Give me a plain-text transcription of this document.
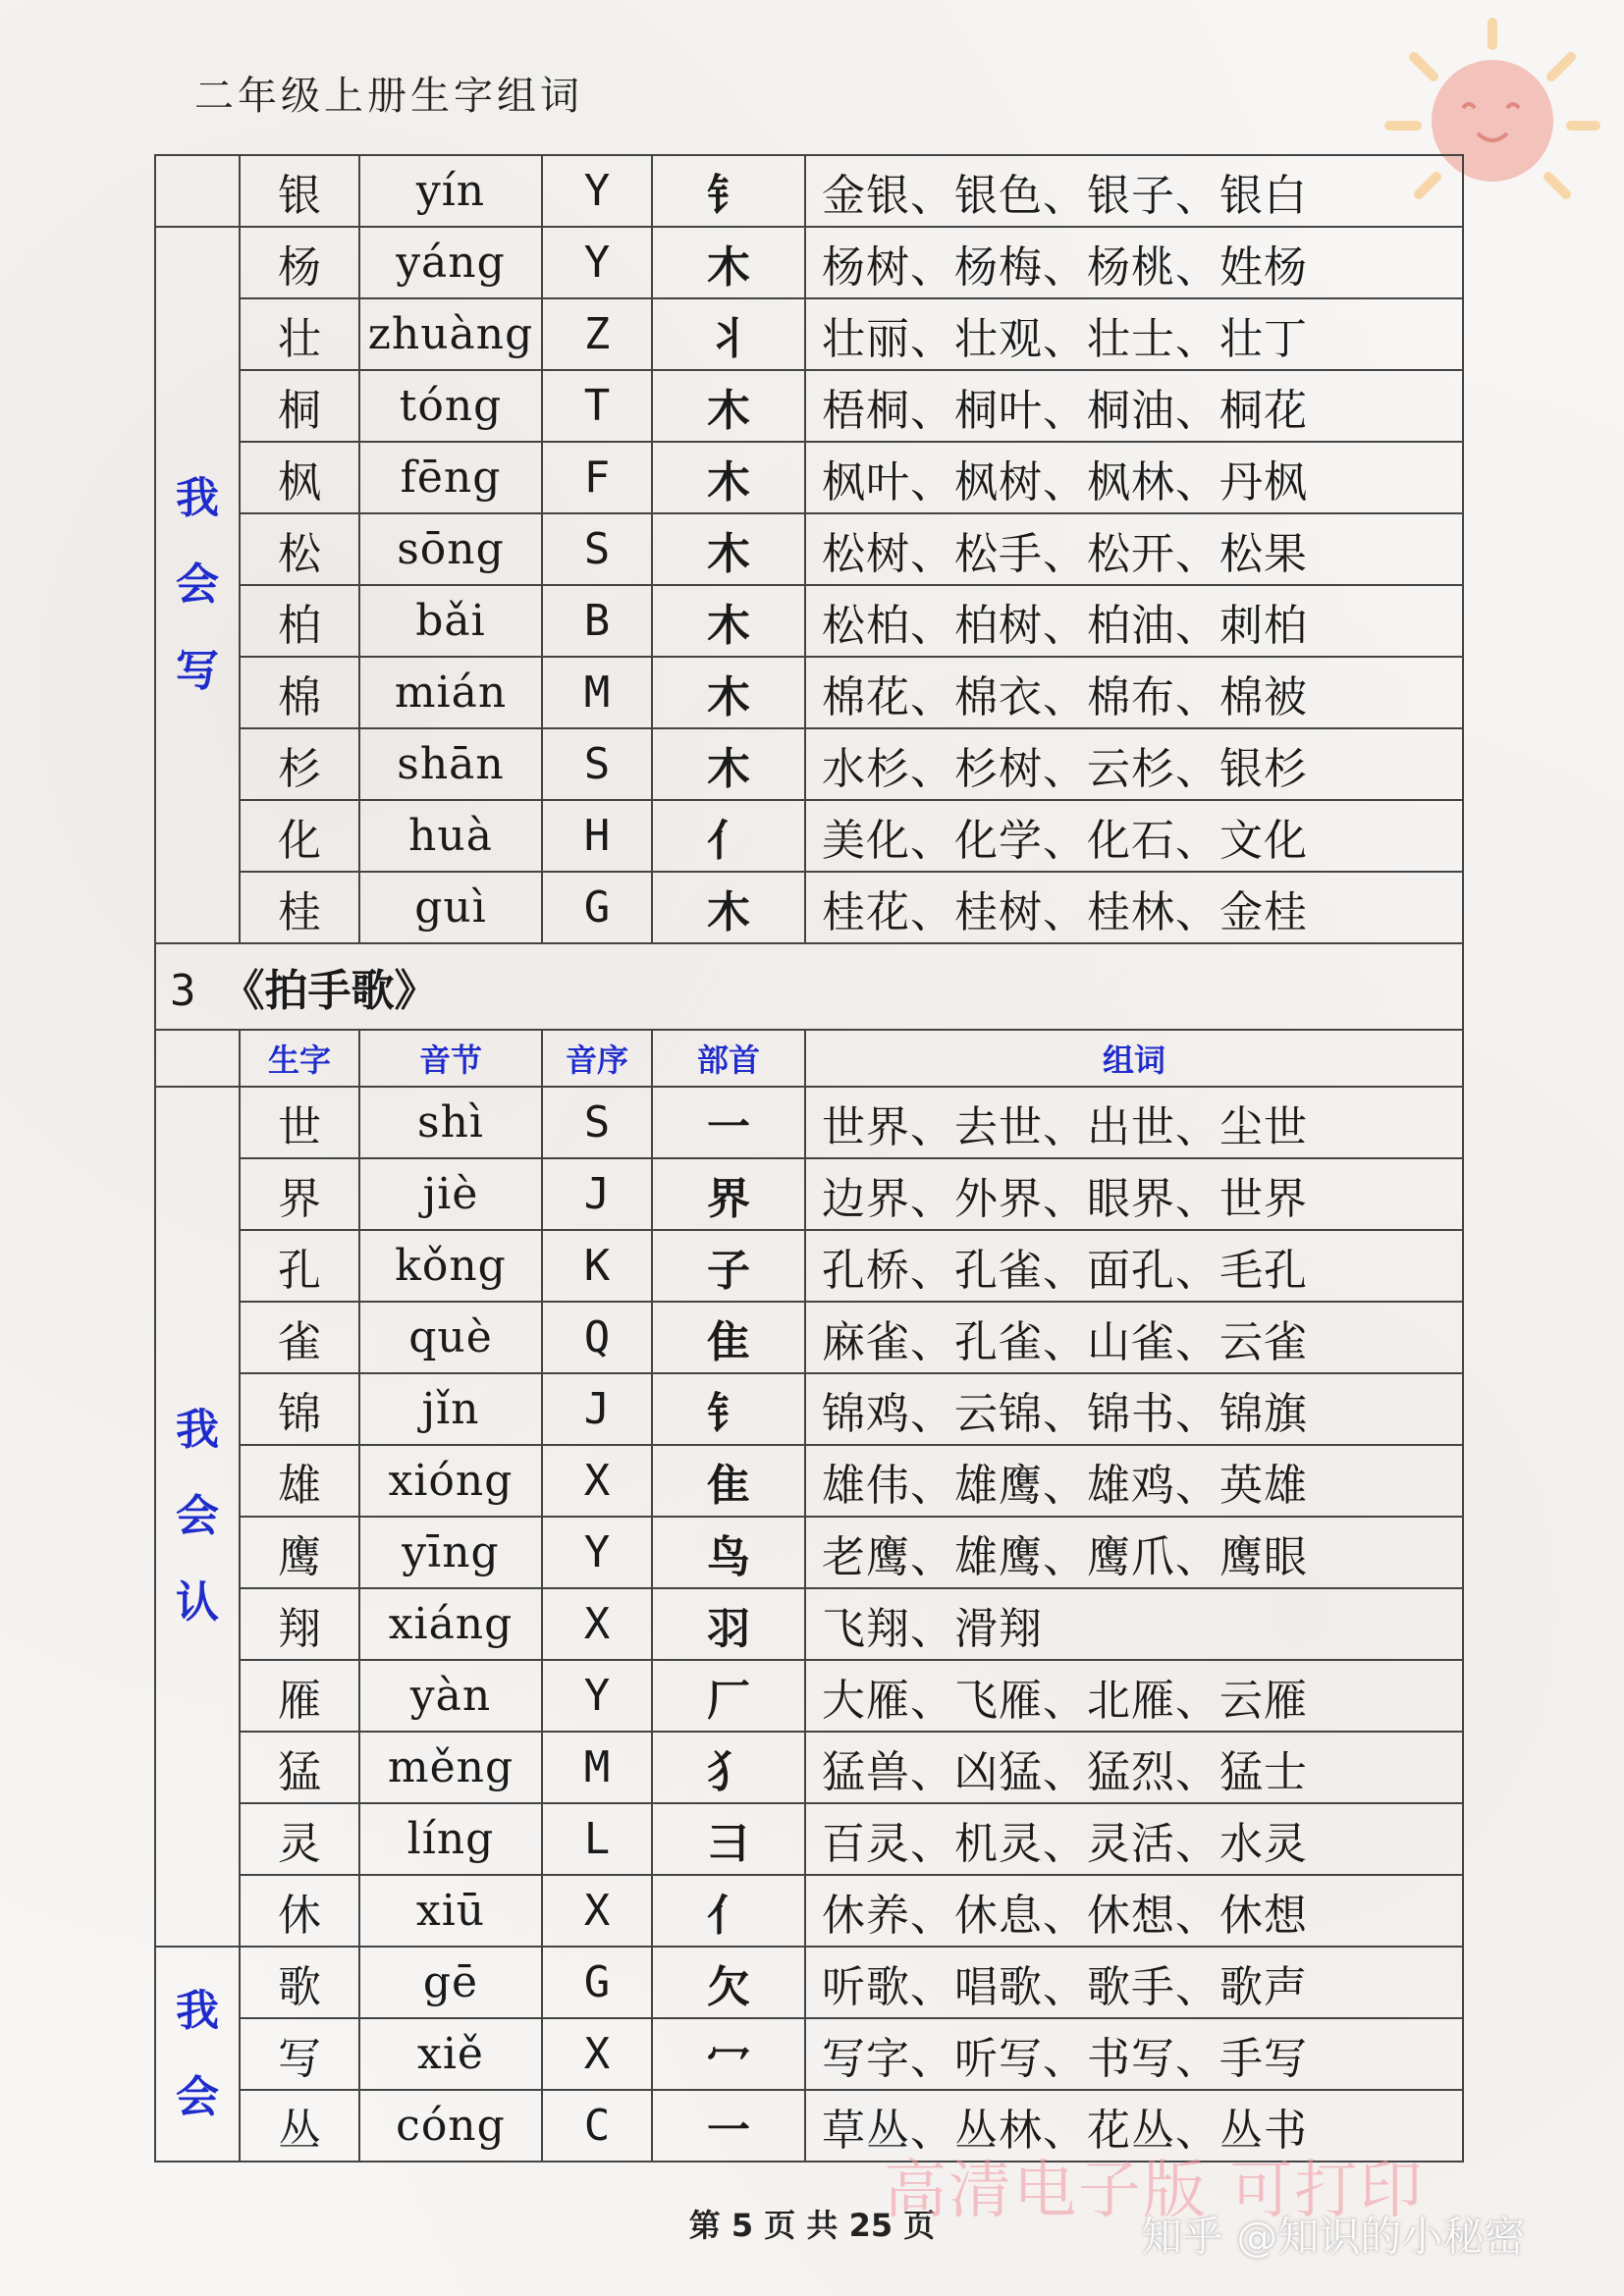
二年级上册生字组词
	银	yín	Y	钅	金银、银色、银子、银白

我
会
写	杨	yáng	Y	木	杨树、杨梅、杨桃、姓杨
	壮	zhuàng	Z	丬	壮丽、壮观、壮士、壮丁
	桐	tóng	T	木	梧桐、桐叶、桐油、桐花
	枫	fēng	F	木	枫叶、枫树、枫林、丹枫
	松	sōng	S	木	松树、松手、松开、松果
	柏	bǎi	B	木	松柏、柏树、柏油、刺柏
	棉	mián	M	木	棉花、棉衣、棉布、棉被
	杉	shān	S	木	水杉、杉树、云杉、银杉
	化	huà	H	亻	美化、化学、化石、文化
	桂	guì	G	木	桂花、桂树、桂林、金桂
3 《拍手歌》					
	生字	音节	音序	部首	组词

我
会
认	世	shì	S	一	世界、去世、出世、尘世
	界	jiè	J	界	边界、外界、眼界、世界
	孔	kǒng	K	子	孔桥、孔雀、面孔、毛孔
	雀	què	Q	隹	麻雀、孔雀、山雀、云雀
	锦	jǐn	J	钅	锦鸡、云锦、锦书、锦旗
	雄	xióng	X	隹	雄伟、雄鹰、雄鸡、英雄
	鹰	yīng	Y	鸟	老鹰、雄鹰、鹰爪、鹰眼
	翔	xiáng	X	羽	飞翔、滑翔
	雁	yàn	Y	厂	大雁、飞雁、北雁、云雁
	猛	měng	M	犭	猛兽、凶猛、猛烈、猛士
	灵	líng	L	彐	百灵、机灵、灵活、水灵
	休	xiū	X	亻	休养、休息、休想、休想

我
会	歌	gē	G	欠	听歌、唱歌、歌手、歌声
	写	xiě	X	冖	写字、听写、书写、手写
	丛	cóng	C	一	草丛、丛林、花丛、丛书
第 5 页 共 25 页
高清电子版 可打印
知乎 @知识的小秘密
